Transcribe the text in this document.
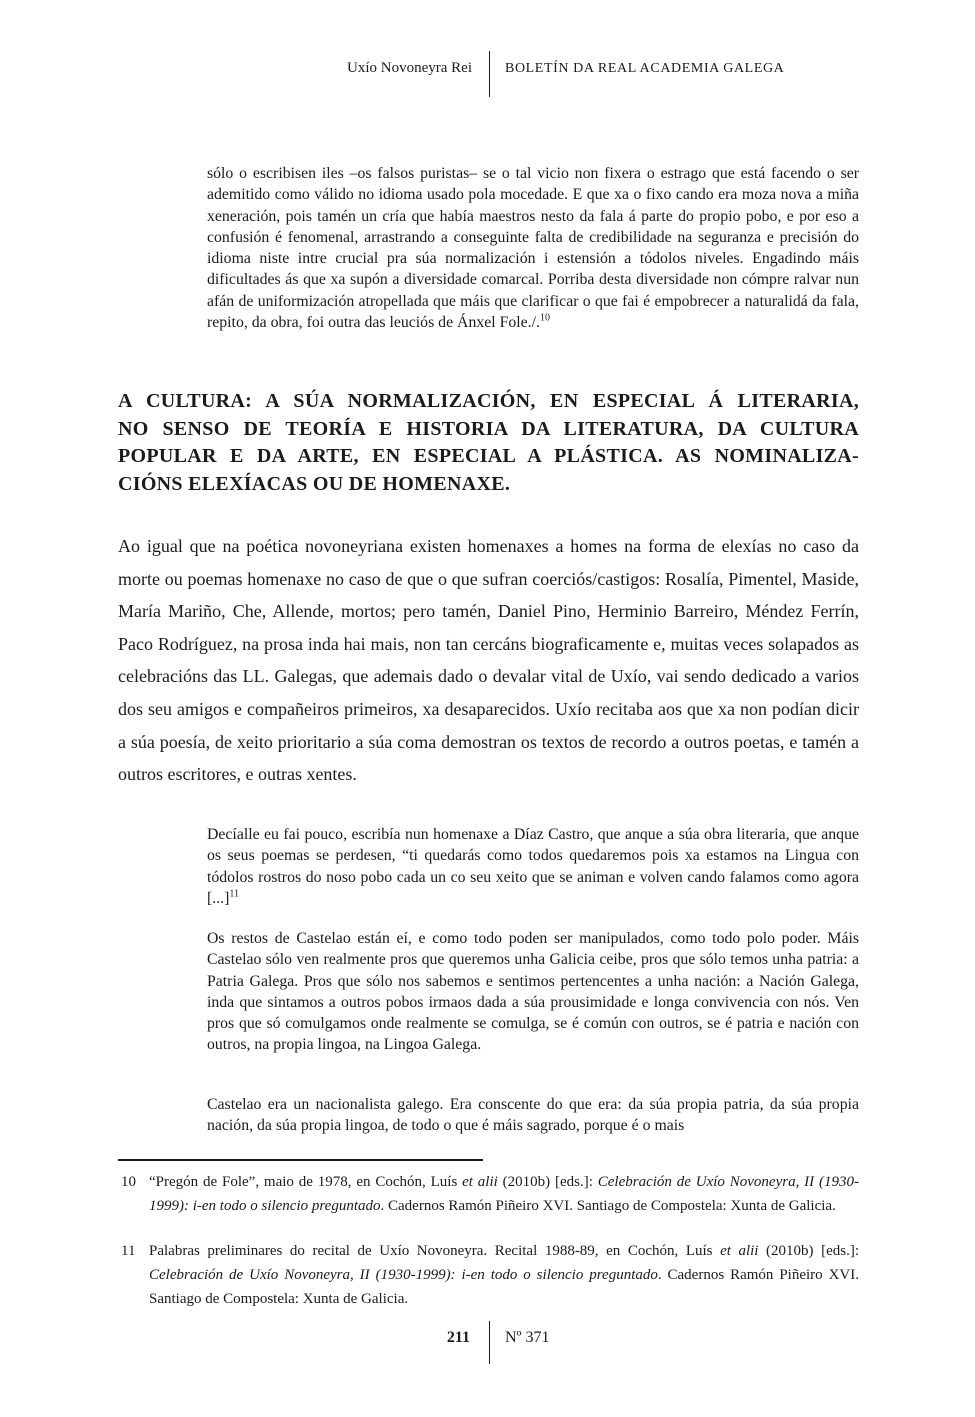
Uxío Novoneyra Rei BOLETÍN DA REAL ACADEMIA GALEGA
sólo o escribisen iles –os falsos puristas– se o tal vicio non fixera o estrago que está facendo o ser ademitido como válido no idioma usado pola mocedade. E que xa o fixo cando era moza nova a miña xeneración, pois tamén un cría que había maestros nesto da fala á parte do propio pobo, e por eso a confusión é fenomenal, arrastrando a conseguinte falta de credibilidade na seguranza e precisión do idioma niste intre crucial pra súa normalización i estensión a tódolos niveles. Engadindo máis dificultades ás que xa supón a diversidade comarcal. Porriba desta diversidade non cómpre ralvar nun afán de uniformización atropellada que máis que clarificar o que fai é empobrecer a naturalidá da fala, repito, da obra, foi outra das leuciós de Ánxel Fole./.$^{10}$
A CULTURA: A SÚA NORMALIZACIÓN, EN ESPECIAL Á LITERARIA,
NO SENSO DE TEORÍA E HISTORIA DA LITERATURA, DA CULTURA
POPULAR E DA ARTE, EN ESPECIAL A PLÁSTICA. AS NOMINALIZA-
CIÓNS ELEXÍACAS OU DE HOMENAXE.

Ao igual que na poética novoneyriana existen homenaxes a homes na forma de elexías no caso da morte ou poemas homenaxe no caso de que o que sufran coerciós/castigos: Rosalía, Pimentel, Maside, María Mariño, Che, Allende, mortos; pero tamén, Daniel Pino, Herminio Barreiro, Méndez Ferrín, Paco Rodríguez, na prosa inda hai mais, non tan cercáns biograficamente e, muitas veces solapados as celebracións das LL. Galegas, que ademais dado o devalar vital de Uxío, vai sendo dedicado a varios dos seu amigos e compañeiros primeiros, xa desaparecidos. Uxío recitaba aos que xa non podían dicir a súa poesía, de xeito prioritario a súa coma demostran os textos de recordo a outros poetas, e tamén a outros escritores, e outras xentes.

Decíalle eu fai pouco, escribía nun homenaxe a Díaz Castro, que anque a súa obra literaria, que anque os seus poemas se perdesen, “ti quedarás como todos quedaremos pois xa estamos na Lingua con tódolos rostros do noso pobo cada un co seu xeito que se animan e volven cando falamos como agora [...]$^{11}$
Os restos de Castelao están eí, e como todo poden ser manipulados, como todo polo poder. Máis Castelao sólo ven realmente pros que queremos unha Galicia ceibe, pros que sólo temos unha patria: a Patria Galega. Pros que sólo nos sabemos e sentimos pertencentes a unha nación: a Nación Galega, inda que sintamos a outros pobos irmaos dada a súa prousimidade e longa convivencia con nós. Ven pros que só comulgamos onde realmente se comulga, se é común con outros, se é patria e nación con outros, na propia lingoa, na Lingoa Galega.
Castelao era un nacionalista galego. Era conscente do que era: da súa propia patria, da súa propia nación, da súa propia lingoa, de todo o que é máis sagrado, porque é o mais
10 “Pregón de Fole”, maio de 1978, en Cochón, Luís et alii (2010b) [eds.]: Celebración de Uxío Novoneyra, II (1930-1999): i-en todo o silencio preguntado. Cadernos Ramón Piñeiro XVI. Santiago de Compostela: Xunta de Galicia.
11 Palabras preliminares do recital de Uxío Novoneyra. Recital 1988-89, en Cochón, Luís et alii (2010b) [eds.]: Celebración de Uxío Novoneyra, II (1930-1999): i-en todo o silencio preguntado. Cadernos Ramón Piñeiro XVI. Santiago de Compostela: Xunta de Galicia.
211 Nº 371
